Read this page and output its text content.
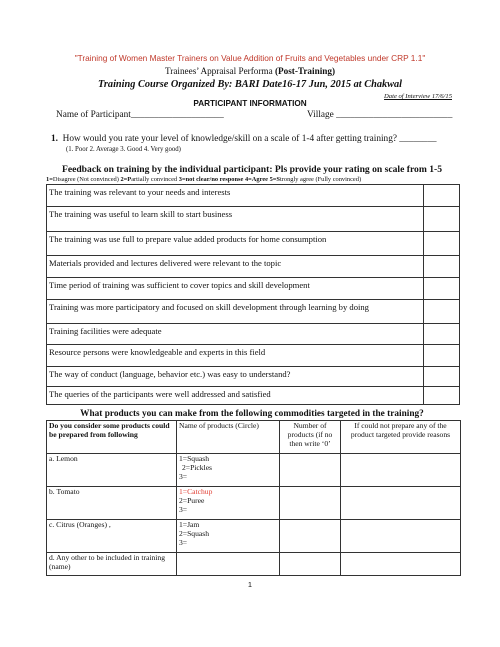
"Training of Women Master Trainers on Value Addition of Fruits and Vegetables under CRP 1.1"
Trainees’ Appraisal Performa (Post-Training)
Training Course Organized By: BARI Date16-17 Jun, 2015 at Chakwal
Date of Interview 17/6/15
PARTICIPANT INFORMATION
Name of Participant____________________	Village _________________________
1. How would you rate your level of knowledge/skill on a scale of 1-4 after getting training? ________
(1. Poor 2. Average 3. Good 4. Very good)
Feedback on training by the individual participant: Pls provide your rating on scale from 1-5
1=Disagree (Not convinced) 2=Partially convinced 3=not clear/no response 4=Agree 5=Strongly agree (Fully convinced)
The training was relevant to your needs and interests	
The training was useful to learn skill to start business	
The training was use full to prepare value added products for home consumption	
Materials provided and lectures delivered were relevant to the topic	
Time period of training was sufficient to cover topics and skill development	
Training was more participatory and focused on skill development through learning by doing	
Training facilities were adequate	
Resource persons were knowledgeable and experts in this field	
The way of conduct (language, behavior etc.) was easy to understand?	
The queries of the participants were well addressed and satisfied	
What products you can make from the following commodities targeted in the training?
Do you consider some products could be prepared from following	Name of products (Circle)	Number of products (if no then write ‘0’	If could not prepare any of the product targeted provide reasons
a. Lemon	1=Squash
2=Pickles
3=		

b. Tomato	1=Catchup
2=Puree
3=		

c. Citrus (Oranges) ,	1=Jam
2=Squash
3=		

d. Any other to be included in training (name)			
1
